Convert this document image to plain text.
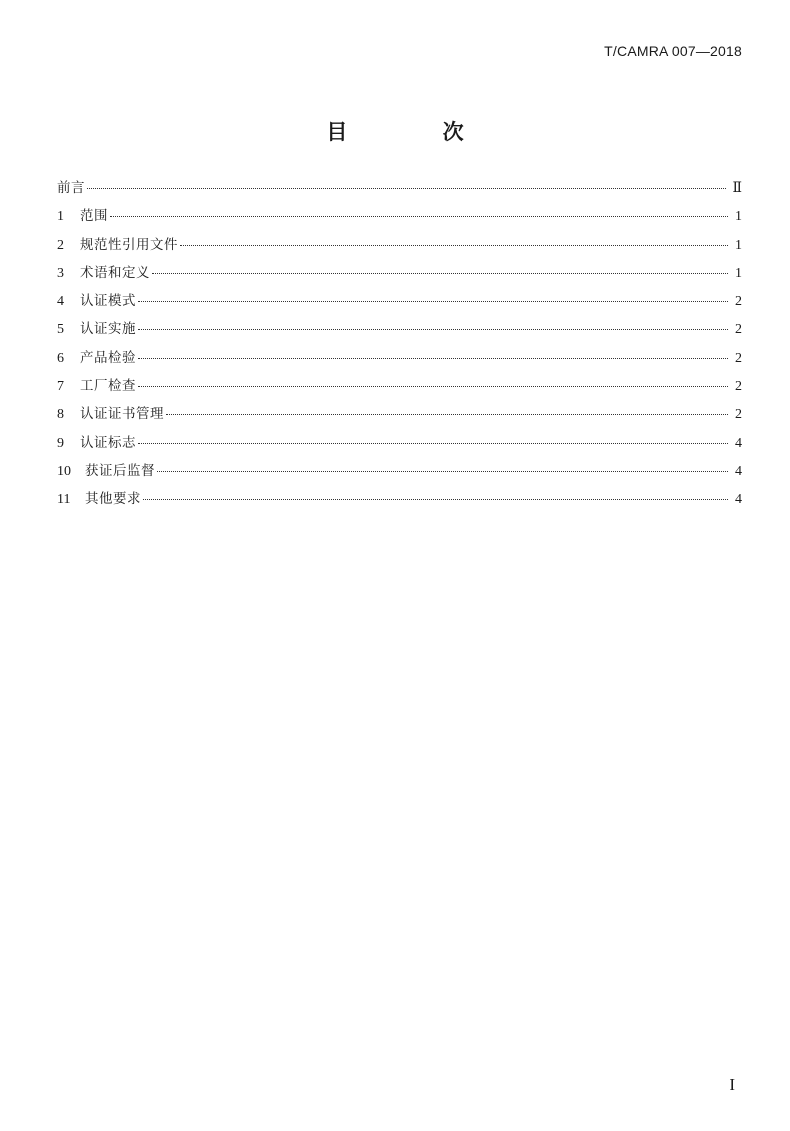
T/CAMRA 007—2018
目 次
前言	Ⅱ
1	范围	1
2	规范性引用文件	1
3	术语和定义	1
4	认证模式	2
5	认证实施	2
6	产品检验	2
7	工厂检查	2
8	认证证书管理	2
9	认证标志	4
10	获证后监督	4
11	其他要求	4
I
